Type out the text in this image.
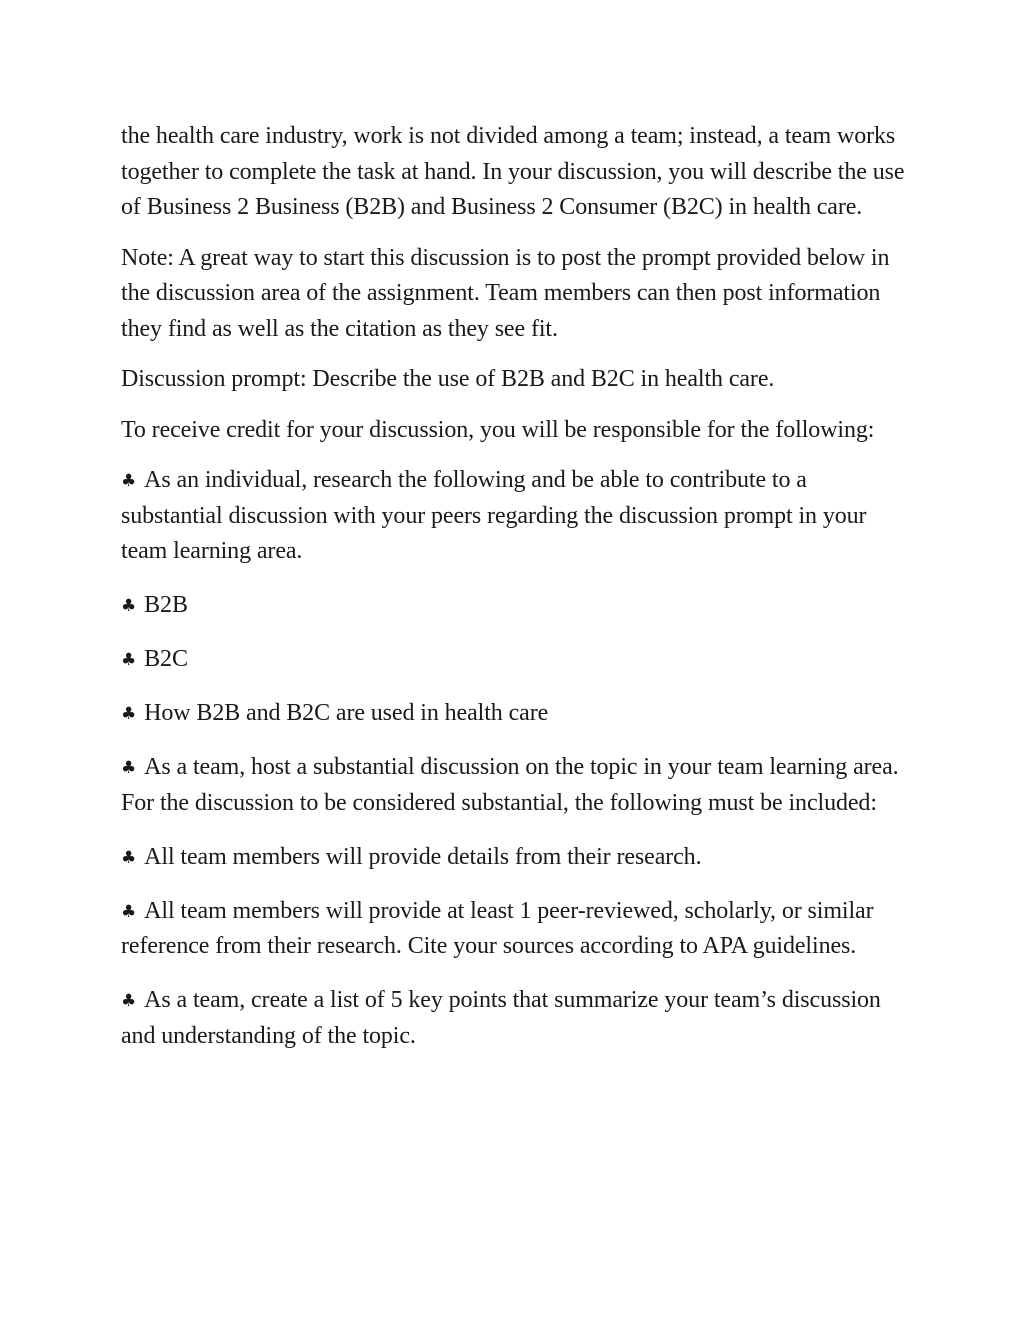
the health care industry, work is not divided among a team; instead, a team works together to complete the task at hand. In your discussion, you will describe the use of Business 2 Business (B2B) and Business 2 Consumer (B2C) in health care.

Note: A great way to start this discussion is to post the prompt provided below in the discussion area of the assignment. Team members can then post information they find as well as the citation as they see fit.

Discussion prompt: Describe the use of B2B and B2C in health care.

To receive credit for your discussion, you will be responsible for the following:

♣ As an individual, research the following and be able to contribute to a substantial discussion with your peers regarding the discussion prompt in your team learning area.

♣ B2B

♣ B2C

♣ How B2B and B2C are used in health care

♣ As a team, host a substantial discussion on the topic in your team learning area. For the discussion to be considered substantial, the following must be included:

♣ All team members will provide details from their research.

♣ All team members will provide at least 1 peer-reviewed, scholarly, or similar reference from their research. Cite your sources according to APA guidelines.

♣ As a team, create a list of 5 key points that summarize your team’s discussion and understanding of the topic.
